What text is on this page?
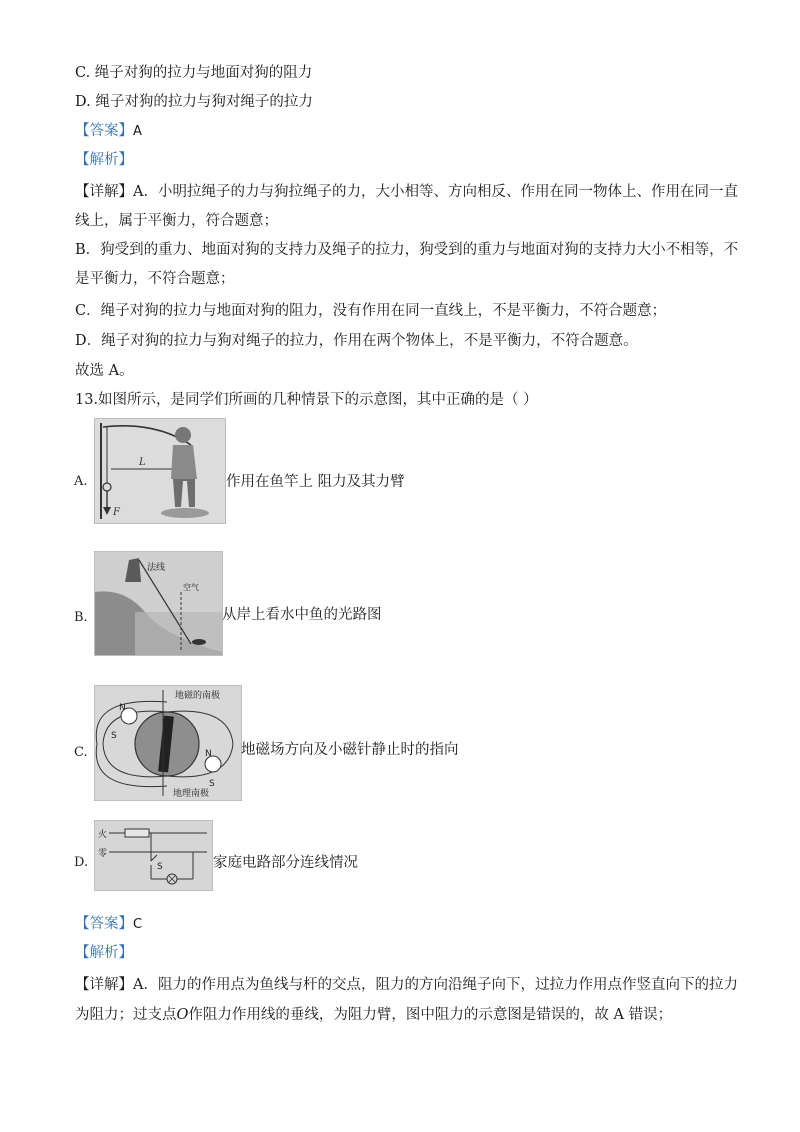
C. 绳子对狗的拉力与地面对狗的阻力
D. 绳子对狗的拉力与狗对绳子的拉力
【答案】A
【解析】
【详解】A．小明拉绳子的力与狗拉绳子的力，大小相等、方向相反、作用在同一物体上、作用在同一直
线上，属于平衡力，符合题意；
B．狗受到的重力、地面对狗的支持力及绳子的拉力，狗受到的重力与地面对狗的支持力大小不相等，不
是平衡力，不符合题意；
C．绳子对狗的拉力与地面对狗的阻力，没有作用在同一直线上，不是平衡力，不符合题意；
D．绳子对狗的拉力与狗对绳子的拉力，作用在两个物体上，不是平衡力，不符合题意。
故选 A。
13.如图所示，是同学们所画的几种情景下的示意图，其中正确的是（ ）
A.
F
L
作用在鱼竿上 阻力及其力臂
B.
法线
空气
从岸上看水中鱼的光路图
C.
N
S
N
S
地磁的南极
地理南极
地磁场方向及小磁针静止时的指向
D.
火
零
S	家庭电路部分连线情况
【答案】C
【解析】
【详解】A．阻力的作用点为鱼线与杆的交点，阻力的方向沿绳子向下，过拉力作用点作竖直向下的拉力
为阻力；过支点O作阻力作用线的垂线，为阻力臂，图中阻力的示意图是错误的，故 A 错误；
